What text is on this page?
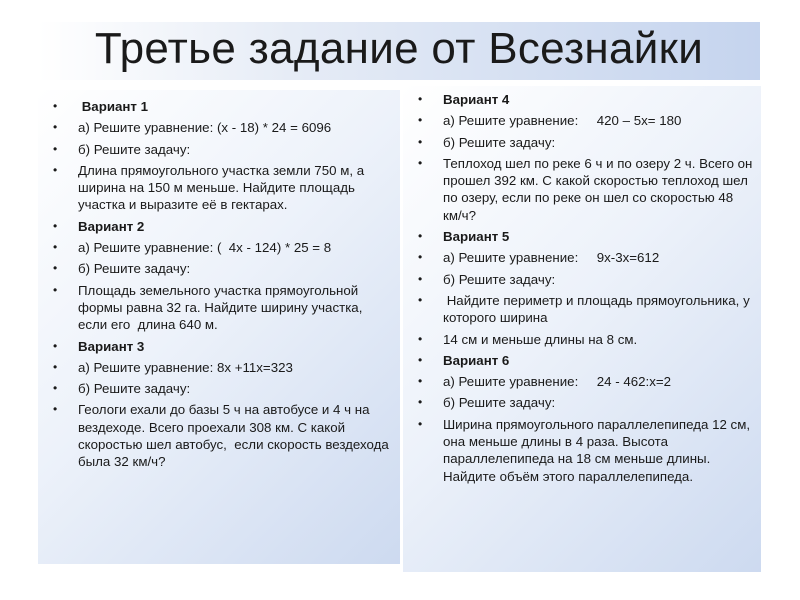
Третье задание от Всезнайки
• Вариант 1
• а) Решите уравнение: (х - 18) * 24 = 6096
• б) Решите задачу:
• Длина прямоугольного участка земли 750 м, а ширина на 150 м меньше. Найдите площадь участка и выразите её в гектарах.
• Вариант 2
• а) Решите уравнение: (  4х - 124) * 25 = 8
• б) Решите задачу:
• Площадь земельного участка прямоугольной формы равна 32 га. Найдите ширину участка, если его  длина 640 м.
• Вариант 3
• а) Решите уравнение: 8х +11х=323
• б) Решите задачу:
• Геологи ехали до базы 5 ч на автобусе и 4 ч на вездеходе. Всего проехали 308 км. С какой скоростью шел автобус,  если скорость вездехода была 32 км/ч?
• Вариант 4
• а) Решите уравнение:     420 – 5х= 180
• б) Решите задачу:
• Теплоход шел по реке 6 ч и по озеру 2 ч. Всего он прошел 392 км. С какой скоростью теплоход шел по озеру, если по реке он шел со скоростью 48 км/ч?
• Вариант 5
• а) Решите уравнение:     9х-3х=612
• б) Решите задачу:
• Найдите периметр и площадь прямоугольника, у которого ширина
• 14 см и меньше длины на 8 см.
• Вариант 6
• а) Решите уравнение:     24 - 462:х=2
• б) Решите задачу:
• Ширина прямоугольного параллелепипеда 12 см, она меньше длины в 4 раза. Высота параллелепипеда на 18 см меньше длины. Найдите объём этого параллелепипеда.
